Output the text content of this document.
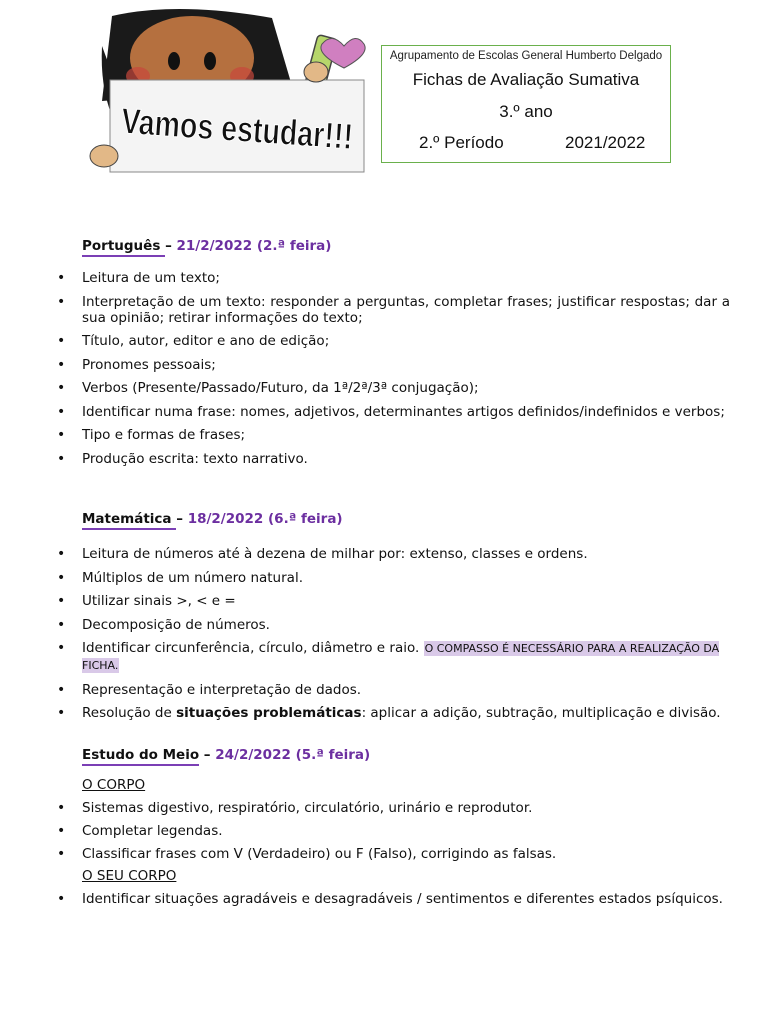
Vamos estudar!!!
Agrupamento de Escolas General Humberto Delgado
Fichas de Avaliação Sumativa
3.º ano
2.º Período	2021/2022
Português – 21/2/2022 (2.ª feira)
• Leitura de um texto;
• Interpretação de um texto: responder a perguntas, completar frases; justificar respostas; dar a sua opinião; retirar informações do texto;
• Título, autor, editor e ano de edição;
• Pronomes pessoais;
• Verbos (Presente/Passado/Futuro, da 1ª/2ª/3ª conjugação);
• Identificar numa frase: nomes, adjetivos, determinantes artigos definidos/indefinidos e verbos;
• Tipo e formas de frases;
• Produção escrita: texto narrativo.
Matemática – 18/2/2022 (6.ª feira)
• Leitura de números até à dezena de milhar por: extenso, classes e ordens.
• Múltiplos de um número natural.
• Utilizar sinais >, < e =
• Decomposição de números.
• Identificar circunferência, círculo, diâmetro e raio. O COMPASSO É NECESSÁRIO PARA A REALIZAÇÃO DA FICHA.
• Representação e interpretação de dados.
• Resolução de situações problemáticas: aplicar a adição, subtração, multiplicação e divisão.
Estudo do Meio – 24/2/2022 (5.ª feira)
O CORPO
• Sistemas digestivo, respiratório, circulatório, urinário e reprodutor.
• Completar legendas.
• Classificar frases com V (Verdadeiro) ou F (Falso), corrigindo as falsas.
O SEU CORPO
• Identificar situações agradáveis e desagradáveis / sentimentos e diferentes estados psíquicos.
